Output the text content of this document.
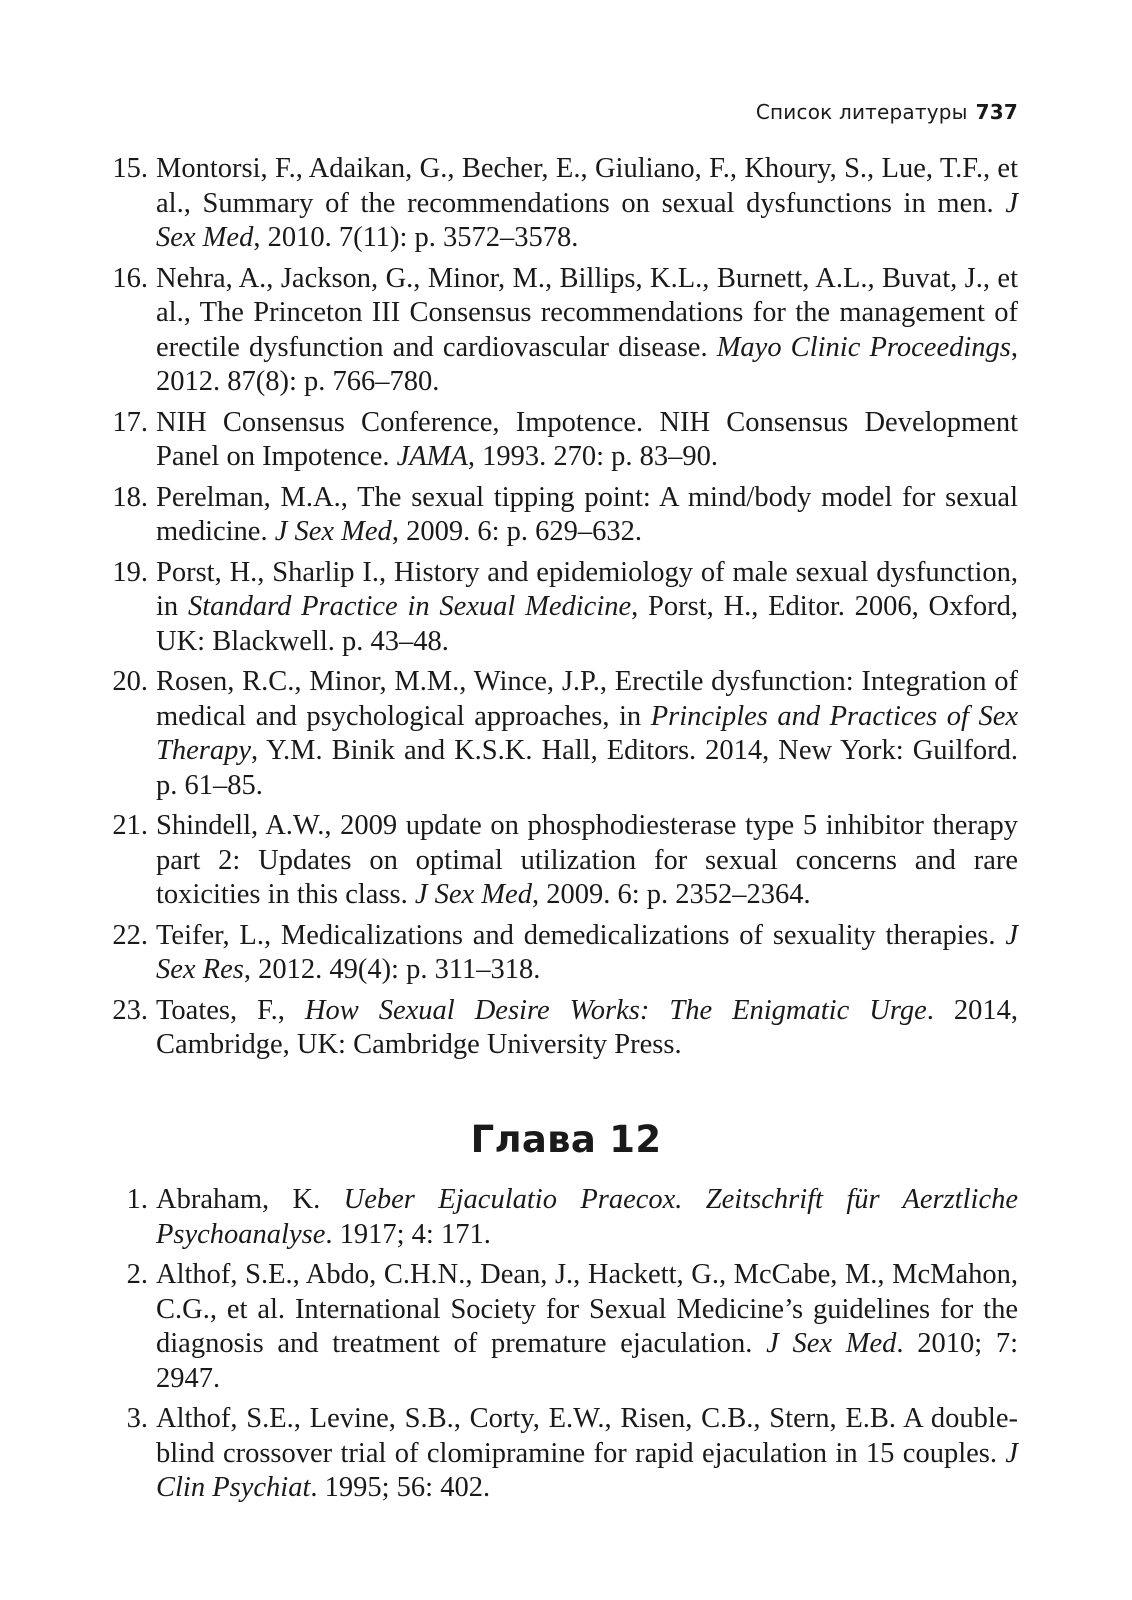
Список литературы 737
15. Montorsi, F., Adaikan, G., Becher, E., Giuliano, F., Khoury, S., Lue, T.F., et al., Summary of the recommendations on sexual dysfunctions in men. J Sex Med, 2010. 7(11): p. 3572–3578.
16. Nehra, A., Jackson, G., Minor, M., Billips, K.L., Burnett, A.L., Buvat, J., et al., The Princeton III Consensus recommendations for the management of erectile dysfunction and cardiovascular disease. Mayo Clinic Proceedings, 2012. 87(8): p. 766–780.
17. NIH Consensus Conference, Impotence. NIH Consensus Development Panel on Impotence. JAMA, 1993. 270: p. 83–90.
18. Perelman, M.A., The sexual tipping point: A mind/body model for sexual medicine. J Sex Med, 2009. 6: p. 629–632.
19. Porst, H., Sharlip I., History and epidemiology of male sexual dysfunction, in Standard Practice in Sexual Medicine, Porst, H., Editor. 2006, Oxford, UK: Blackwell. p. 43–48.
20. Rosen, R.C., Minor, M.M., Wince, J.P., Erectile dysfunction: Integration of medical and psychological approaches, in Principles and Practices of Sex Therapy, Y.M. Binik and K.S.K. Hall, Editors. 2014, New York: Guilford. p. 61–85.
21. Shindell, A.W., 2009 update on phosphodiesterase type 5 inhibitor therapy part 2: Updates on optimal utilization for sexual concerns and rare toxicities in this class. J Sex Med, 2009. 6: p. 2352–2364.
22. Teifer, L., Medicalizations and demedicalizations of sexuality therapies. J Sex Res, 2012. 49(4): p. 311–318.
23. Toates, F., How Sexual Desire Works: The Enigmatic Urge. 2014, Cambridge, UK: Cambridge University Press.
Глава 12
1. Abraham, K. Ueber Ejaculatio Praecox. Zeitschrift für Aerztliche Psychoanalyse. 1917; 4: 171.
2. Althof, S.E., Abdo, C.H.N., Dean, J., Hackett, G., McCabe, M., McMahon, C.G., et al. International Society for Sexual Medicine’s guidelines for the diagnosis and treatment of premature ejaculation. J Sex Med. 2010; 7: 2947.
3. Althof, S.E., Levine, S.B., Corty, E.W., Risen, C.B., Stern, E.B. A double-blind crossover trial of clomipramine for rapid ejaculation in 15 couples. J Clin Psychiat. 1995; 56: 402.
